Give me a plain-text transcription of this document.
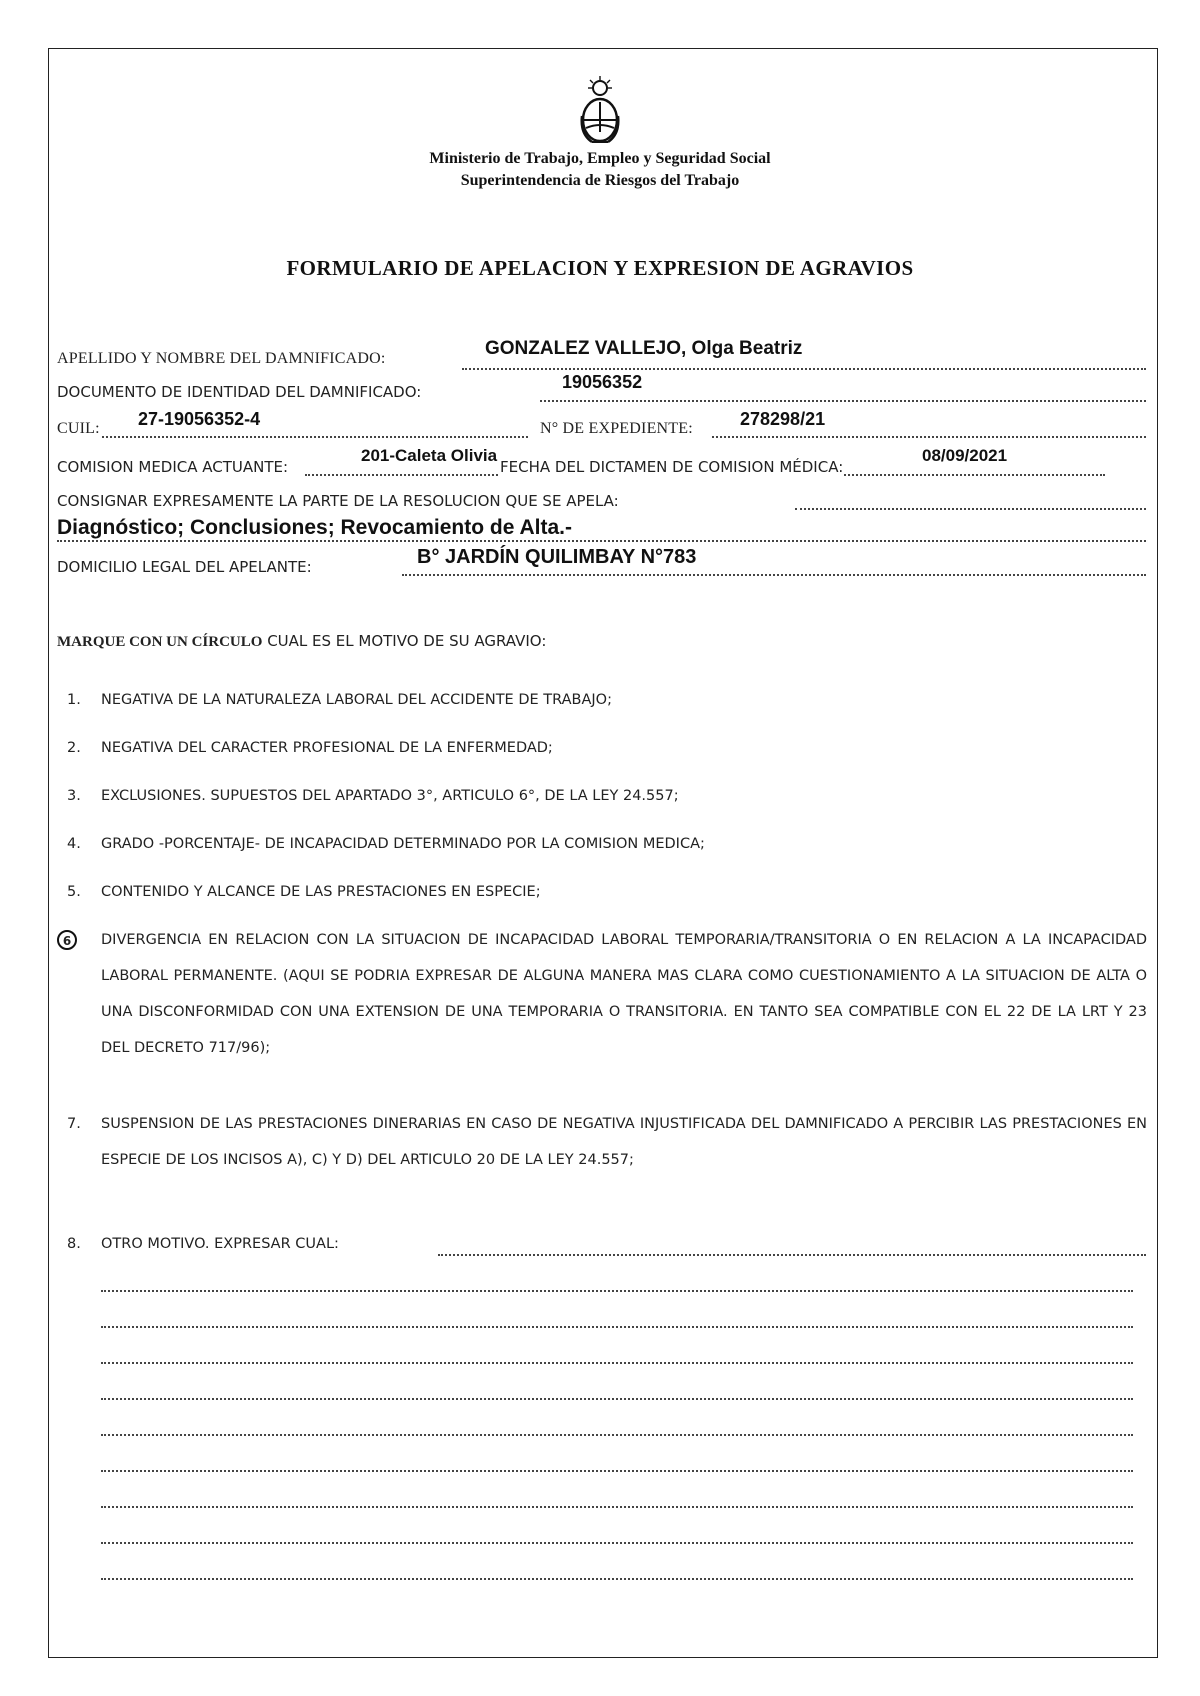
Ministerio de Trabajo, Empleo y Seguridad Social
Superintendencia de Riesgos del Trabajo
FORMULARIO DE APELACION Y EXPRESION DE AGRAVIOS
APELLIDO Y NOMBRE DEL DAMNIFICADO:	GONZALEZ VALLEJO, Olga Beatriz
DOCUMENTO DE IDENTIDAD DEL DAMNIFICADO:	19056352
CUIL: 27-19056352-4	N° DE EXPEDIENTE:	278298/21
COMISION MEDICA ACTUANTE:
201-Caleta Olivia
FECHA DEL DICTAMEN DE COMISION MÉDICA:
08/09/2021
CONSIGNAR EXPRESAMENTE LA PARTE DE LA RESOLUCION QUE SE APELA:
Diagnóstico; Conclusiones; Revocamiento de Alta.-
DOMICILIO LEGAL DEL APELANTE:	B° JARDÍN QUILIMBAY N°783
MARQUE CON UN CÍRCULO CUAL ES EL MOTIVO DE SU AGRAVIO:
1.	NEGATIVA DE LA NATURALEZA LABORAL DEL ACCIDENTE DE TRABAJO;
2.	NEGATIVA DEL CARACTER PROFESIONAL DE LA ENFERMEDAD;
3.	EXCLUSIONES. SUPUESTOS DEL APARTADO 3°, ARTICULO 6°, DE LA LEY 24.557;
4.	GRADO -PORCENTAJE- DE INCAPACIDAD DETERMINADO POR LA COMISION MEDICA;
5.	CONTENIDO Y ALCANCE DE LAS PRESTACIONES EN ESPECIE;
6	DIVERGENCIA EN RELACION CON LA SITUACION DE INCAPACIDAD LABORAL TEMPORARIA/TRANSITORIA O EN RELACION A LA INCAPACIDAD LABORAL PERMANENTE. (AQUI SE PODRIA EXPRESAR DE ALGUNA MANERA MAS CLARA COMO CUESTIONAMIENTO A LA SITUACION DE ALTA O UNA DISCONFORMIDAD CON UNA EXTENSION DE UNA TEMPORARIA O TRANSITORIA. EN TANTO SEA COMPATIBLE CON EL 22 DE LA LRT Y 23 DEL DECRETO 717/96);
7.	SUSPENSION DE LAS PRESTACIONES DINERARIAS EN CASO DE NEGATIVA INJUSTIFICADA DEL DAMNIFICADO A PERCIBIR LAS PRESTACIONES EN ESPECIE DE LOS INCISOS A), C) Y D) DEL ARTICULO 20 DE LA LEY 24.557;
8.	OTRO MOTIVO. EXPRESAR CUAL:
